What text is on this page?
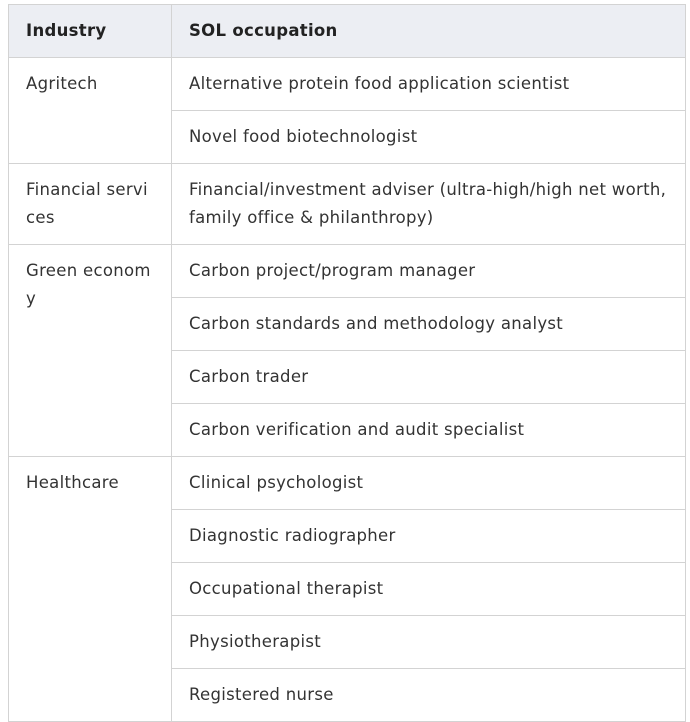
Industry	SOL occupation
Agritech	Alternative protein food application scientist
	Novel food biotechnologist
Financial services	Financial/investment adviser (ultra-high/high net worth, family office & philanthropy)
Green economy	Carbon project/program manager
	Carbon standards and methodology analyst
	Carbon trader
	Carbon verification and audit specialist
Healthcare	Clinical psychologist
	Diagnostic radiographer
	Occupational therapist
	Physiotherapist
	Registered nurse
